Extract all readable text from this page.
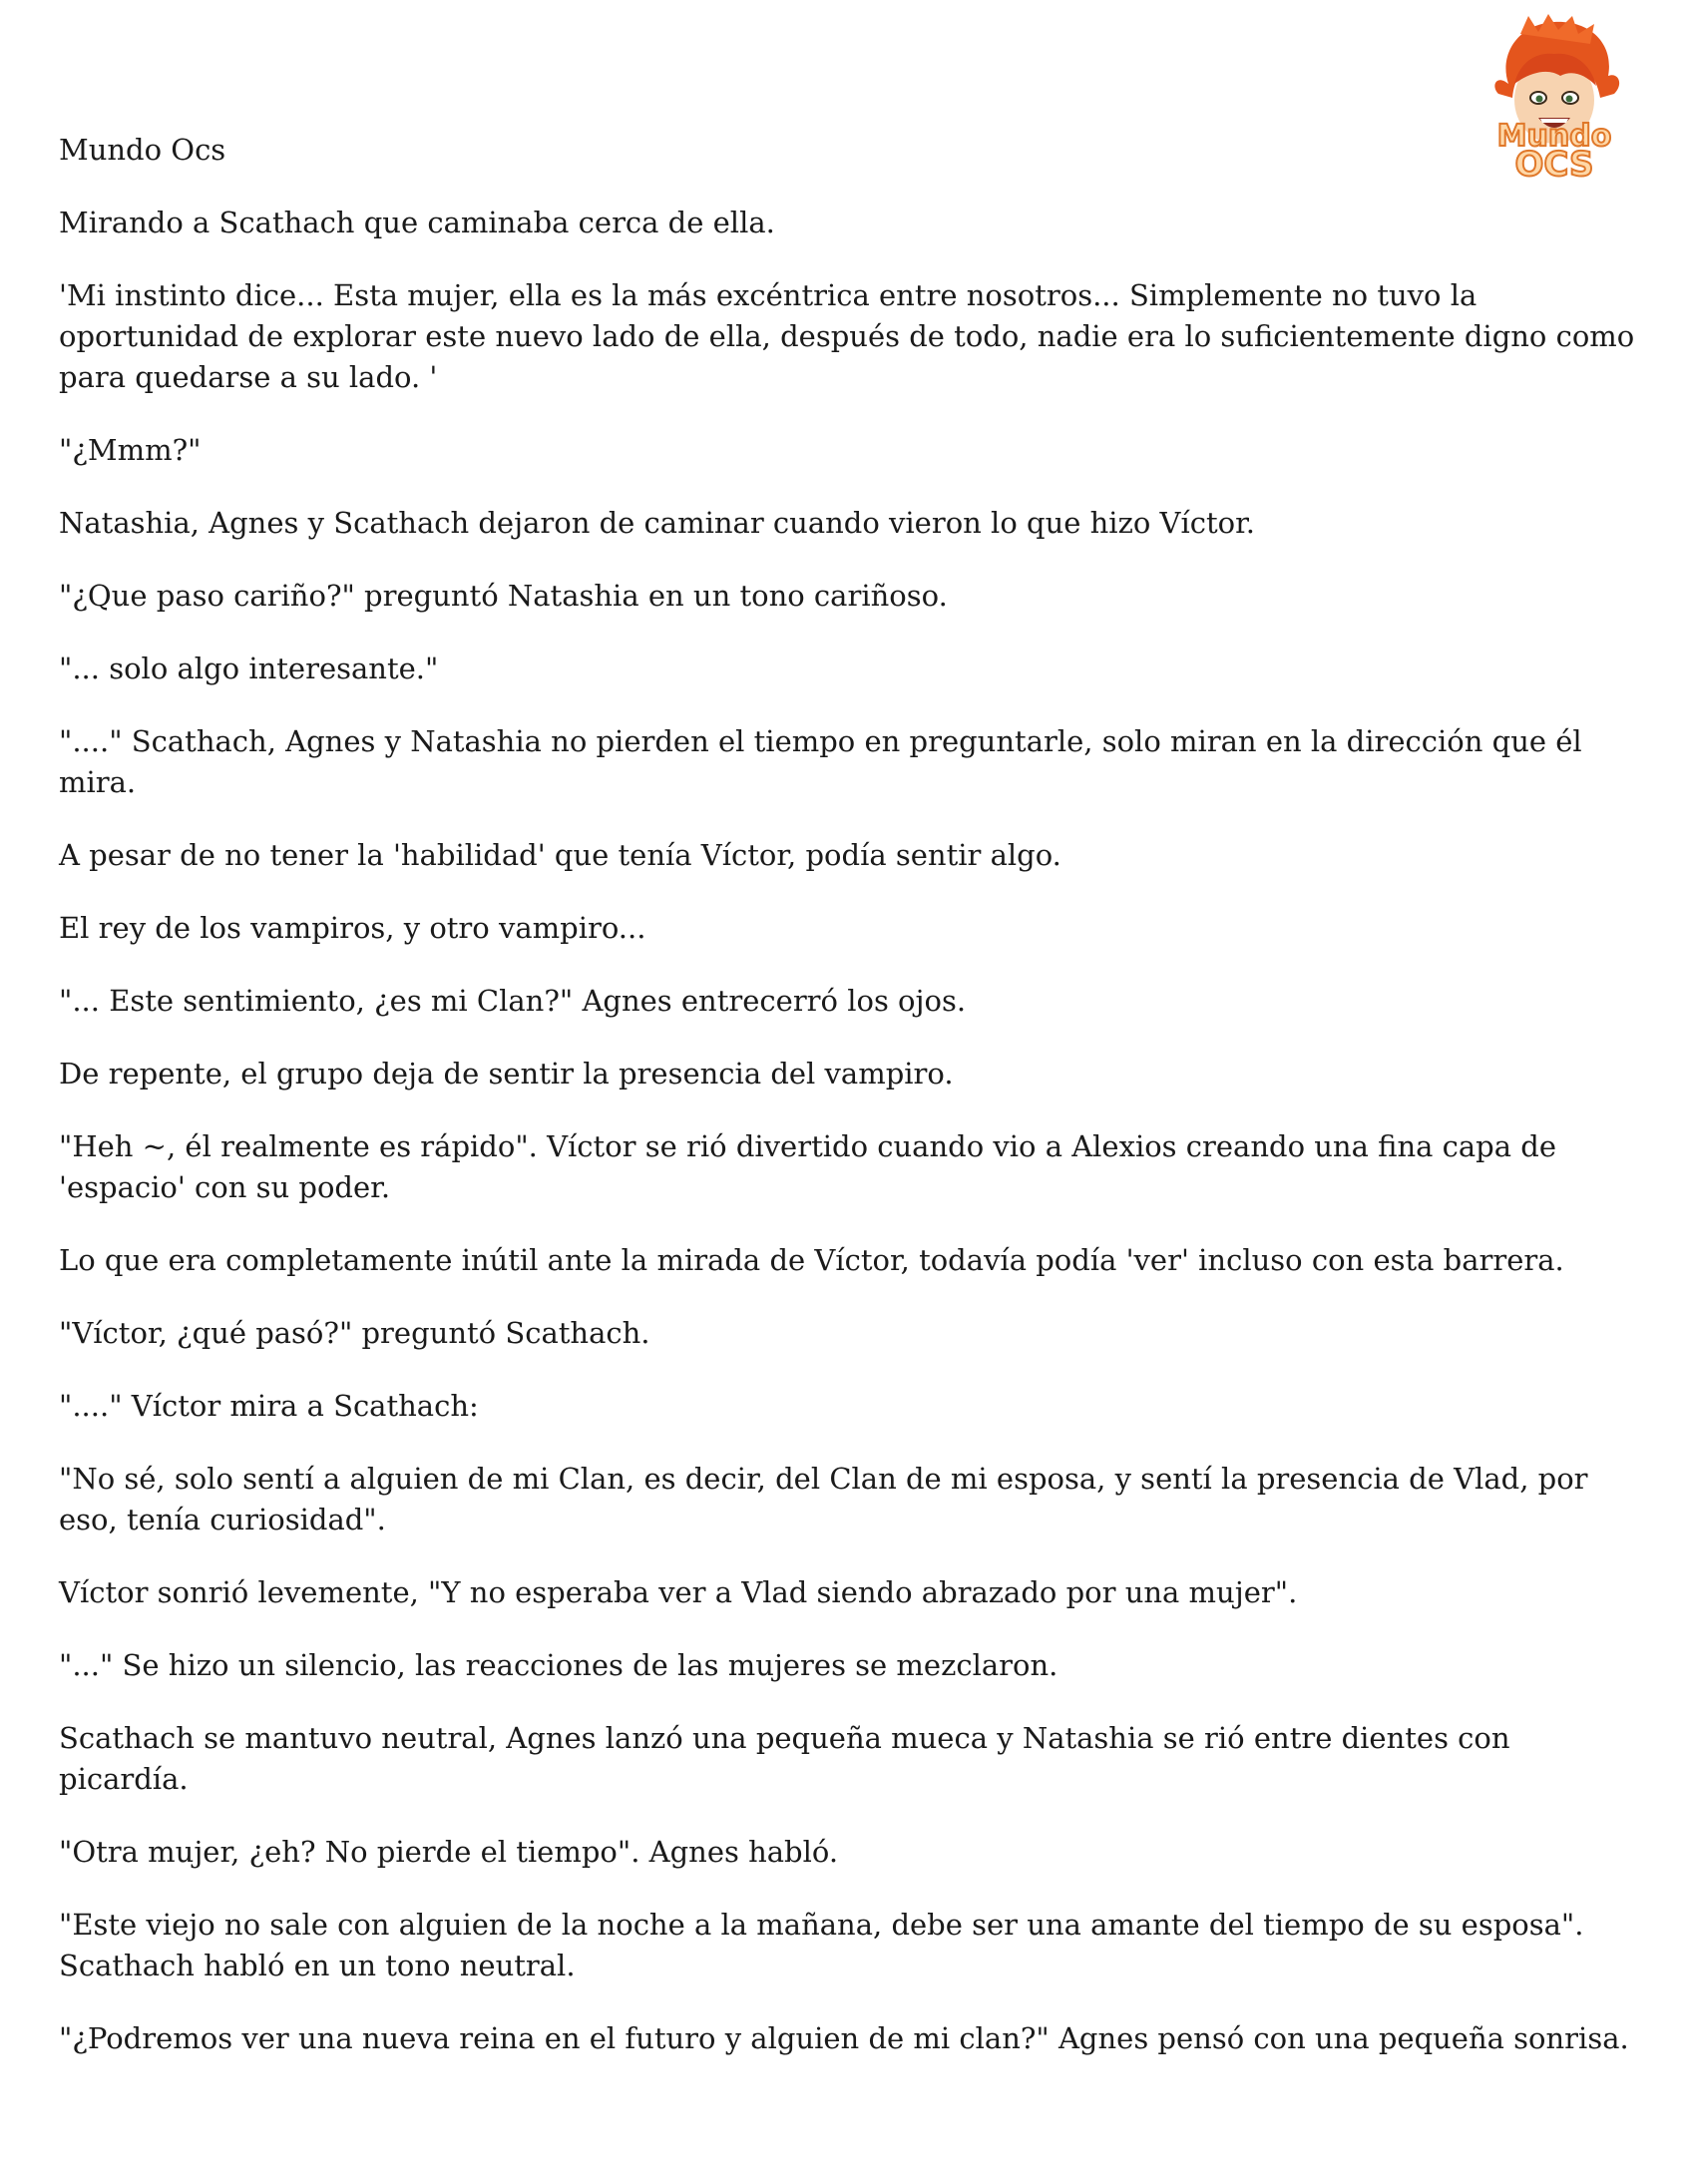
Mundo
OCS

Mundo Ocs

Mirando a Scathach que caminaba cerca de ella.

'Mi instinto dice... Esta mujer, ella es la más excéntrica entre nosotros... Simplemente no tuvo la oportunidad de explorar este nuevo lado de ella, después de todo, nadie era lo suficientemente digno como para quedarse a su lado. '

"¿Mmm?"

Natashia, Agnes y Scathach dejaron de caminar cuando vieron lo que hizo Víctor.

"¿Que paso cariño?" preguntó Natashia en un tono cariñoso.

"... solo algo interesante."

"...." Scathach, Agnes y Natashia no pierden el tiempo en preguntarle, solo miran en la dirección que él mira.

A pesar de no tener la 'habilidad' que tenía Víctor, podía sentir algo.

El rey de los vampiros, y otro vampiro...

"... Este sentimiento, ¿es mi Clan?" Agnes entrecerró los ojos.

De repente, el grupo deja de sentir la presencia del vampiro.

"Heh ~, él realmente es rápido". Víctor se rió divertido cuando vio a Alexios creando una fina capa de 'espacio' con su poder.

Lo que era completamente inútil ante la mirada de Víctor, todavía podía 'ver' incluso con esta barrera.

"Víctor, ¿qué pasó?" preguntó Scathach.

"...." Víctor mira a Scathach:

"No sé, solo sentí a alguien de mi Clan, es decir, del Clan de mi esposa, y sentí la presencia de Vlad, por eso, tenía curiosidad".

Víctor sonrió levemente, "Y no esperaba ver a Vlad siendo abrazado por una mujer".

"..." Se hizo un silencio, las reacciones de las mujeres se mezclaron.

Scathach se mantuvo neutral, Agnes lanzó una pequeña mueca y Natashia se rió entre dientes con picardía.

"Otra mujer, ¿eh? No pierde el tiempo". Agnes habló.

"Este viejo no sale con alguien de la noche a la mañana, debe ser una amante del tiempo de su esposa". Scathach habló en un tono neutral.

"¿Podremos ver una nueva reina en el futuro y alguien de mi clan?" Agnes pensó con una pequeña sonrisa.
